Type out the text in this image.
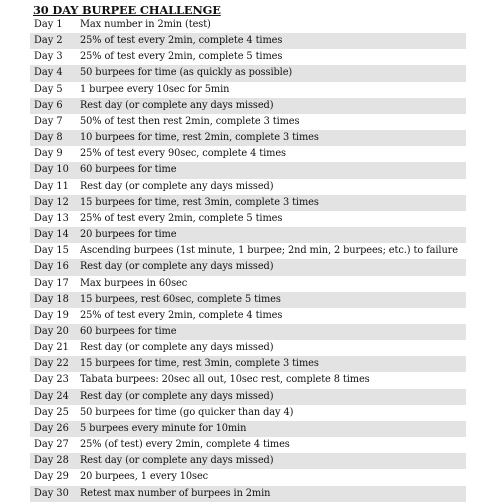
30 DAY BURPEE CHALLENGE
Day 1	Max number in 2min (test)
Day 2	25% of test every 2min, complete 4 times
Day 3	25% of test every 2min, complete 5 times
Day 4	50 burpees for time (as quickly as possible)
Day 5	1 burpee every 10sec for 5min
Day 6	Rest day (or complete any days missed)
Day 7	50% of test then rest 2min, complete 3 times
Day 8	10 burpees for time, rest 2min, complete 3 times
Day 9	25% of test every 90sec, complete 4 times
Day 10	60 burpees for time
Day 11	Rest day (or complete any days missed)
Day 12	15 burpees for time, rest 3min, complete 3 times
Day 13	25% of test every 2min, complete 5 times
Day 14	20 burpees for time
Day 15	Ascending burpees (1st minute, 1 burpee; 2nd min, 2 burpees; etc.) to failure
Day 16	Rest day (or complete any days missed)
Day 17	Max burpees in 60sec
Day 18	15 burpees, rest 60sec, complete 5 times
Day 19	25% of test every 2min, complete 4 times
Day 20	60 burpees for time
Day 21	Rest day (or complete any days missed)
Day 22	15 burpees for time, rest 3min, complete 3 times
Day 23	Tabata burpees: 20sec all out, 10sec rest, complete 8 times
Day 24	Rest day (or complete any days missed)
Day 25	50 burpees for time (go quicker than day 4)
Day 26	5 burpees every minute for 10min
Day 27	25% (of test) every 2min, complete 4 times
Day 28	Rest day (or complete any days missed)
Day 29	20 burpees, 1 every 10sec
Day 30	Retest max number of burpees in 2min
